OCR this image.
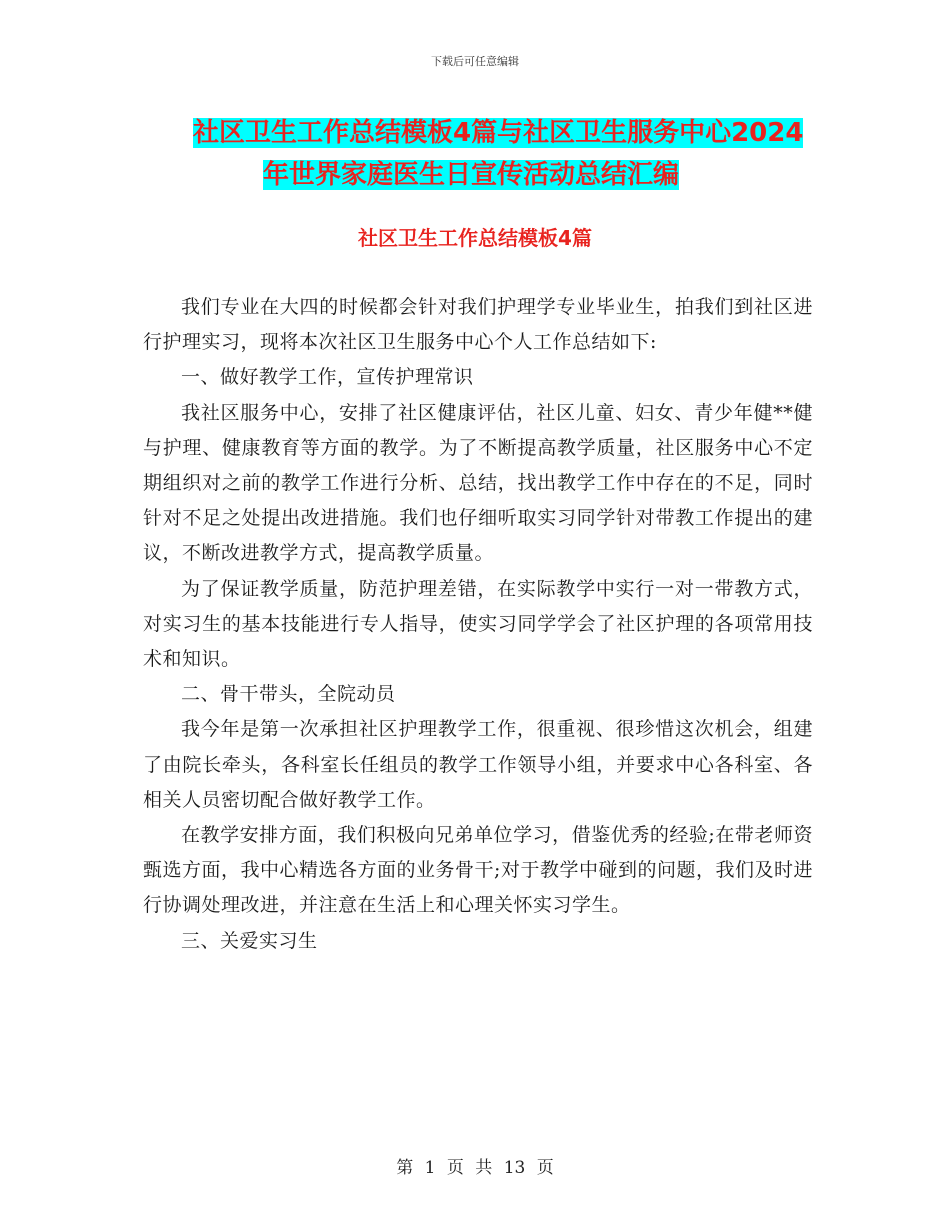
下载后可任意编辑
社区卫生工作总结模板4篇与社区卫生服务中心2024
年世界家庭医生日宣传活动总结汇编
社区卫生工作总结模板4篇

我们专业在大四的时候都会针对我们护理学专业毕业生，拍我们到社区进行护理实习，现将本次社区卫生服务中心个人工作总结如下:

一、做好教学工作，宣传护理常识

我社区服务中心，安排了社区健康评估，社区儿童、妇女、青少年健**健与护理、健康教育等方面的教学。为了不断提高教学质量，社区服务中心不定期组织对之前的教学工作进行分析、总结，找出教学工作中存在的不足，同时针对不足之处提出改进措施。我们也仔细听取实习同学针对带教工作提出的建议，不断改进教学方式，提高教学质量。

为了保证教学质量，防范护理差错，在实际教学中实行一对一带教方式，对实习生的基本技能进行专人指导，使实习同学学会了社区护理的各项常用技术和知识。

二、骨干带头，全院动员

我今年是第一次承担社区护理教学工作，很重视、很珍惜这次机会，组建了由院长牵头，各科室长任组员的教学工作领导小组，并要求中心各科室、各相关人员密切配合做好教学工作。

在教学安排方面，我们积极向兄弟单位学习，借鉴优秀的经验;在带老师资甄选方面，我中心精选各方面的业务骨干;对于教学中碰到的问题，我们及时进行协调处理改进，并注意在生活上和心理关怀实习学生。

三、关爱实习生

第 1 页 共 13 页
